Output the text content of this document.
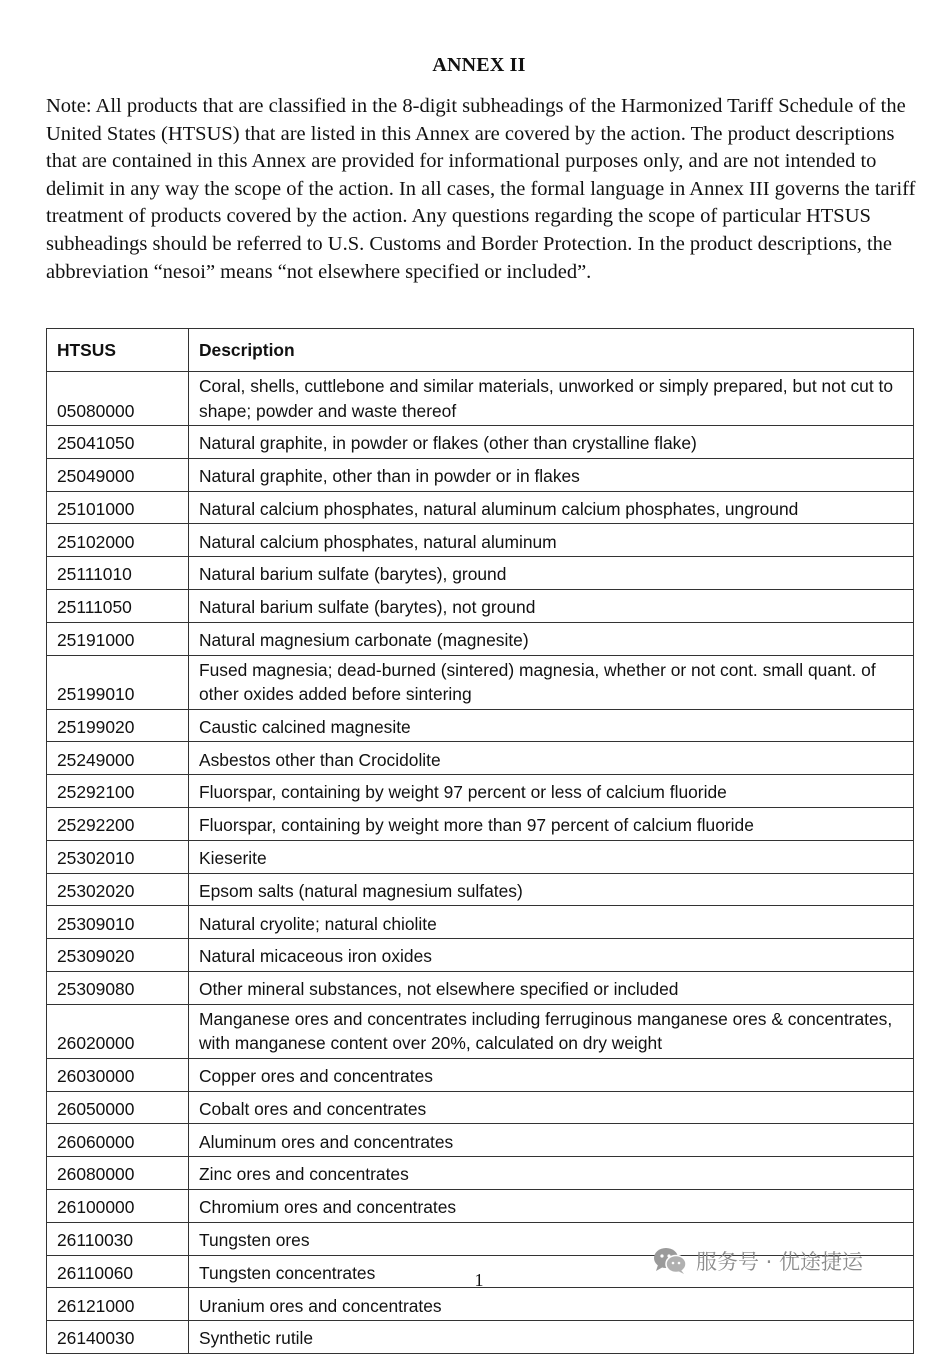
ANNEX II

Note: All products that are classified in the 8-digit subheadings of the Harmonized Tariff Schedule of the United States (HTSUS) that are listed in this Annex are covered by the action. The product descriptions that are contained in this Annex are provided for informational purposes only, and are not intended to delimit in any way the scope of the action. In all cases, the formal language in Annex III governs the tariff treatment of products covered by the action. Any questions regarding the scope of particular HTSUS subheadings should be referred to U.S. Customs and Border Protection. In the product descriptions, the abbreviation “nesoi” means “not elsewhere specified or included”.

HTSUS	Description
05080000	Coral, shells, cuttlebone and similar materials, unworked or simply prepared, but not cut to shape; powder and waste thereof
25041050	Natural graphite, in powder or flakes (other than crystalline flake)
25049000	Natural graphite, other than in powder or in flakes
25101000	Natural calcium phosphates, natural aluminum calcium phosphates, unground
25102000	Natural calcium phosphates, natural aluminum
25111010	Natural barium sulfate (barytes), ground
25111050	Natural barium sulfate (barytes), not ground
25191000	Natural magnesium carbonate (magnesite)
25199010	Fused magnesia; dead-burned (sintered) magnesia, whether or not cont. small quant. of other oxides added before sintering
25199020	Caustic calcined magnesite
25249000	Asbestos other than Crocidolite
25292100	Fluorspar, containing by weight 97 percent or less of calcium fluoride
25292200	Fluorspar, containing by weight more than 97 percent of calcium fluoride
25302010	Kieserite
25302020	Epsom salts (natural magnesium sulfates)
25309010	Natural cryolite; natural chiolite
25309020	Natural micaceous iron oxides
25309080	Other mineral substances, not elsewhere specified or included
26020000	Manganese ores and concentrates including ferruginous manganese ores & concentrates, with manganese content over 20%, calculated on dry weight
26030000	Copper ores and concentrates
26050000	Cobalt ores and concentrates
26060000	Aluminum ores and concentrates
26080000	Zinc ores and concentrates
26100000	Chromium ores and concentrates
26110030	Tungsten ores
26110060	Tungsten concentrates
26121000	Uranium ores and concentrates
26140030	Synthetic rutile
1
服务号 · 优途捷运
